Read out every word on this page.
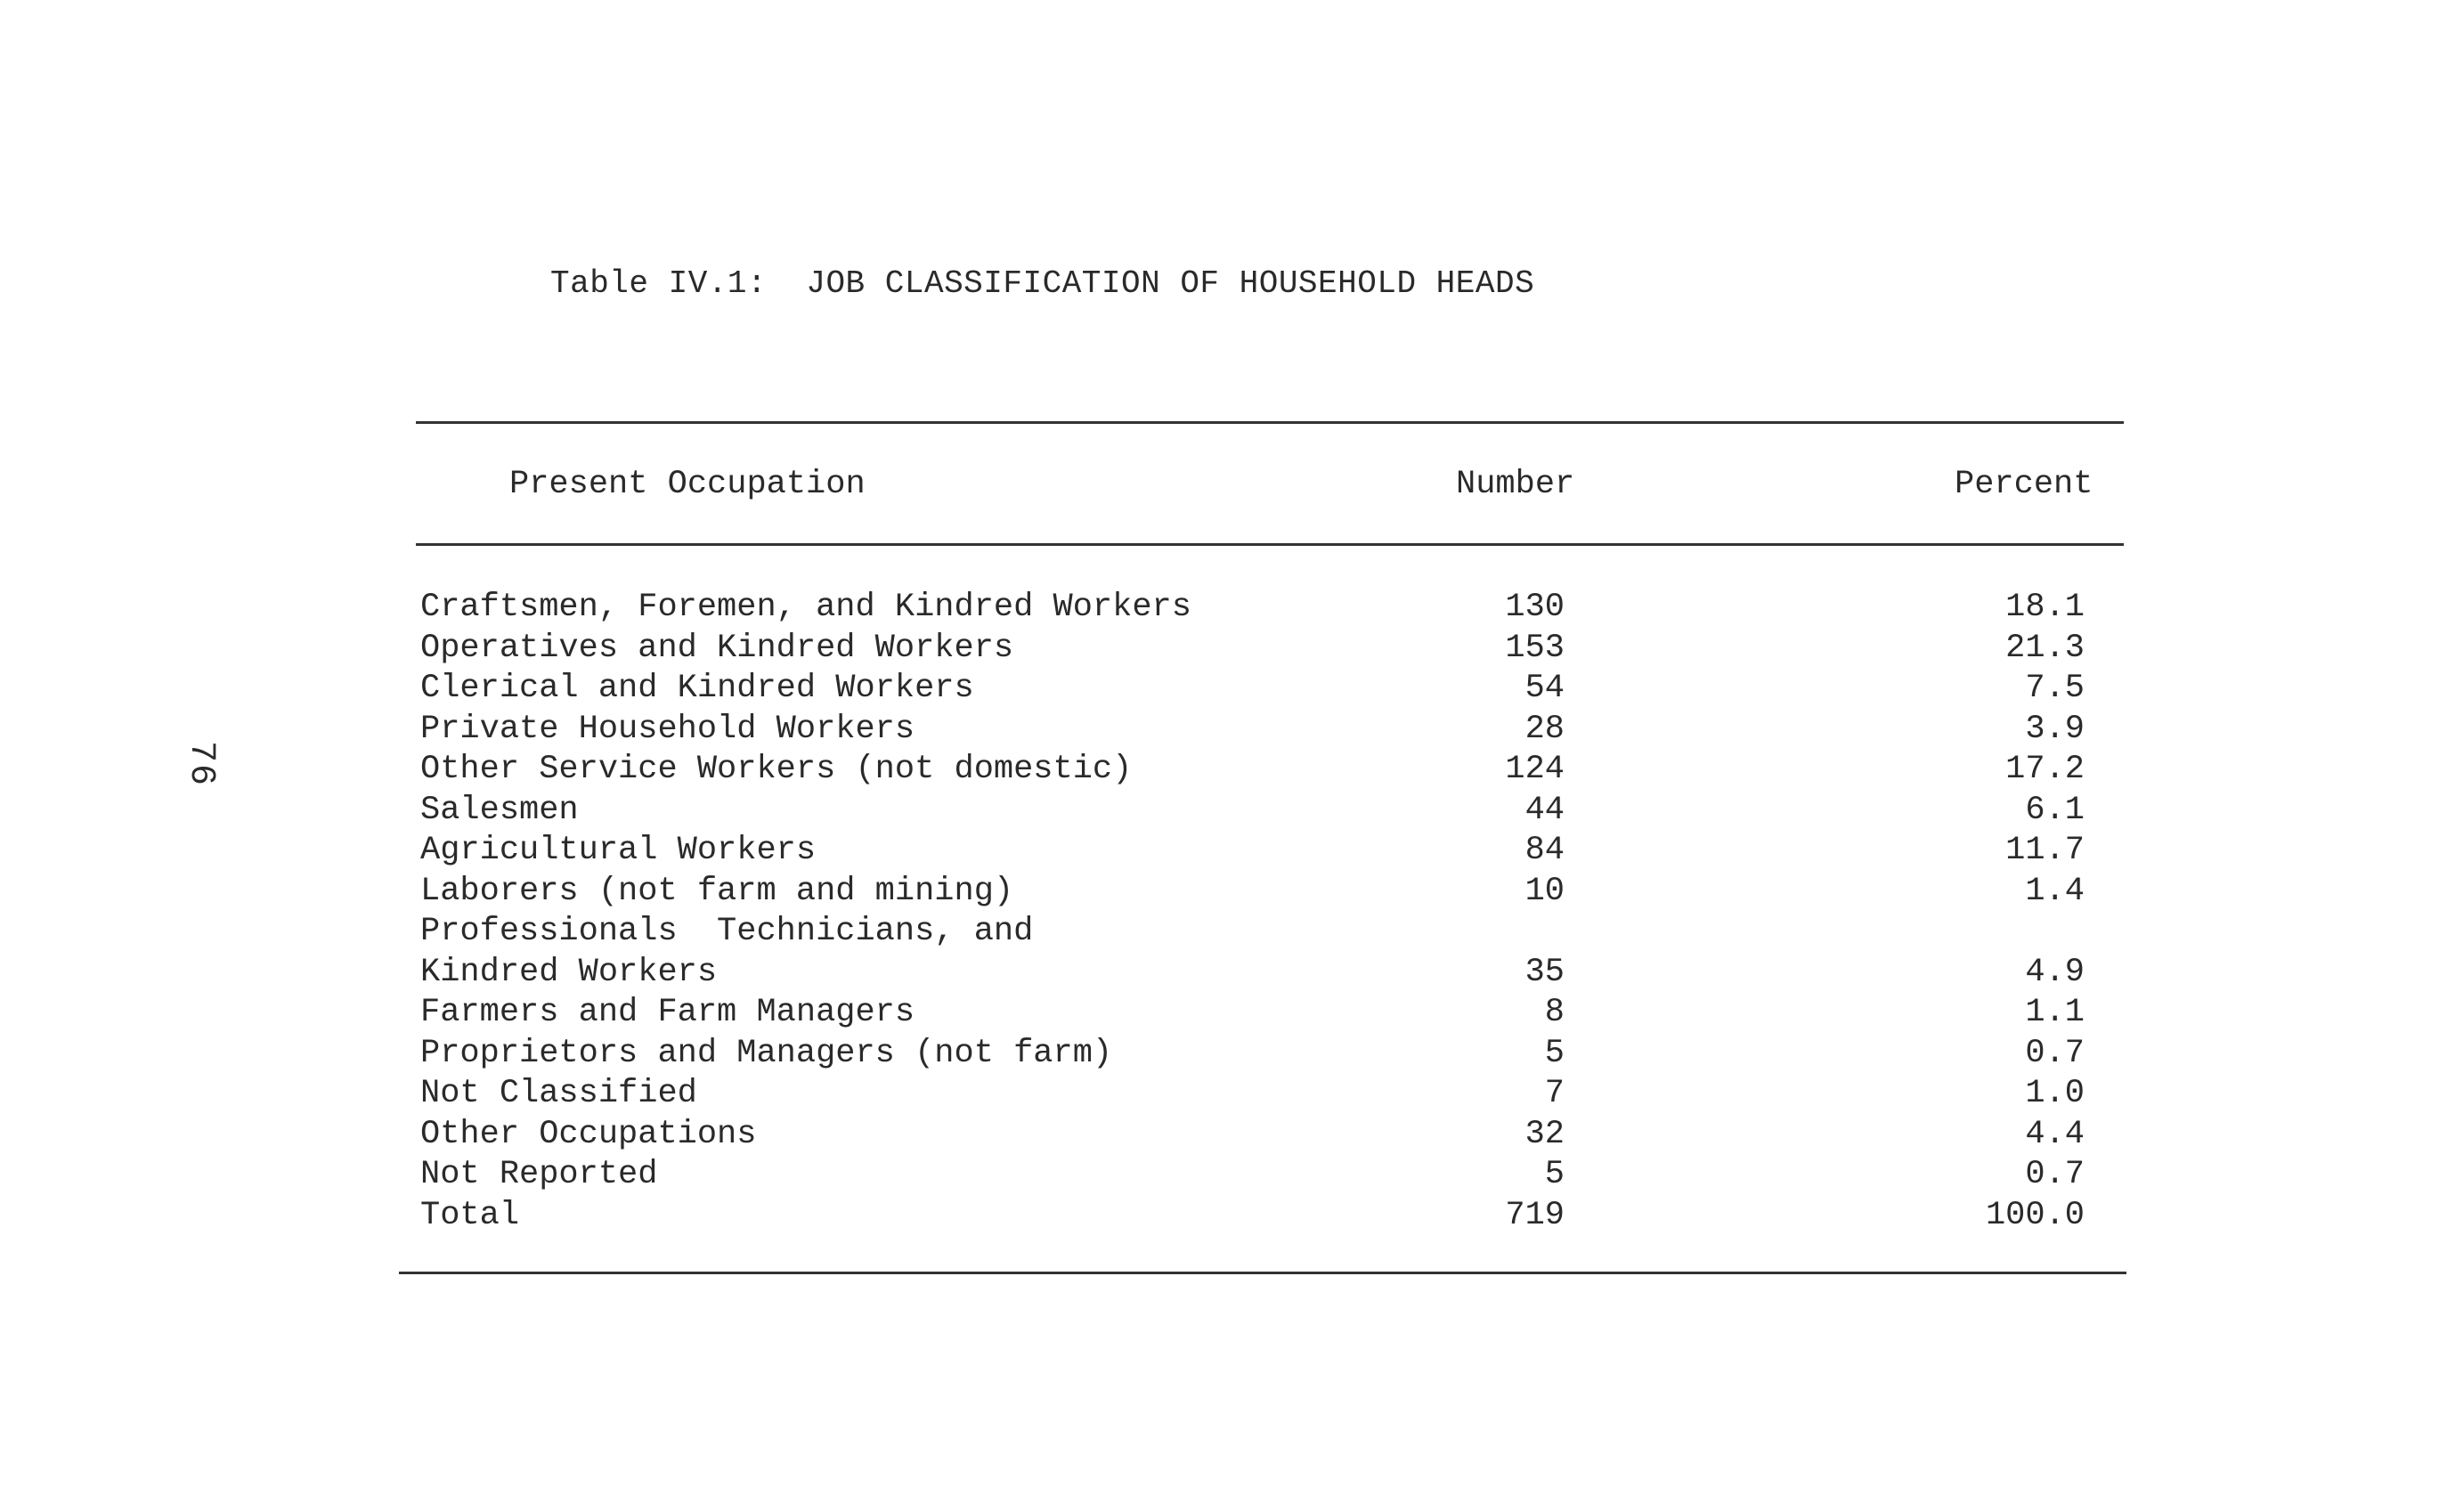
76
Table IV.1:  JOB CLASSIFICATION OF HOUSEHOLD HEADS
Present Occupation	Number	Percent
Craftsmen, Foremen, and Kindred Workers	130	18.1
Operatives and Kindred Workers	153	21.3
Clerical and Kindred Workers	54	7.5
Private Household Workers	28	3.9
Other Service Workers (not domestic)	124	17.2
Salesmen	44	6.1
Agricultural Workers	84	11.7
Laborers (not farm and mining)	10	1.4
Professionals  Technicians, and
Kindred Workers	35	4.9
Farmers and Farm Managers	8	1.1
Proprietors and Managers (not farm)	5	0.7
Not Classified	7	1.0
Other Occupations	32	4.4
Not Reported	5	0.7
Total	719	100.0
